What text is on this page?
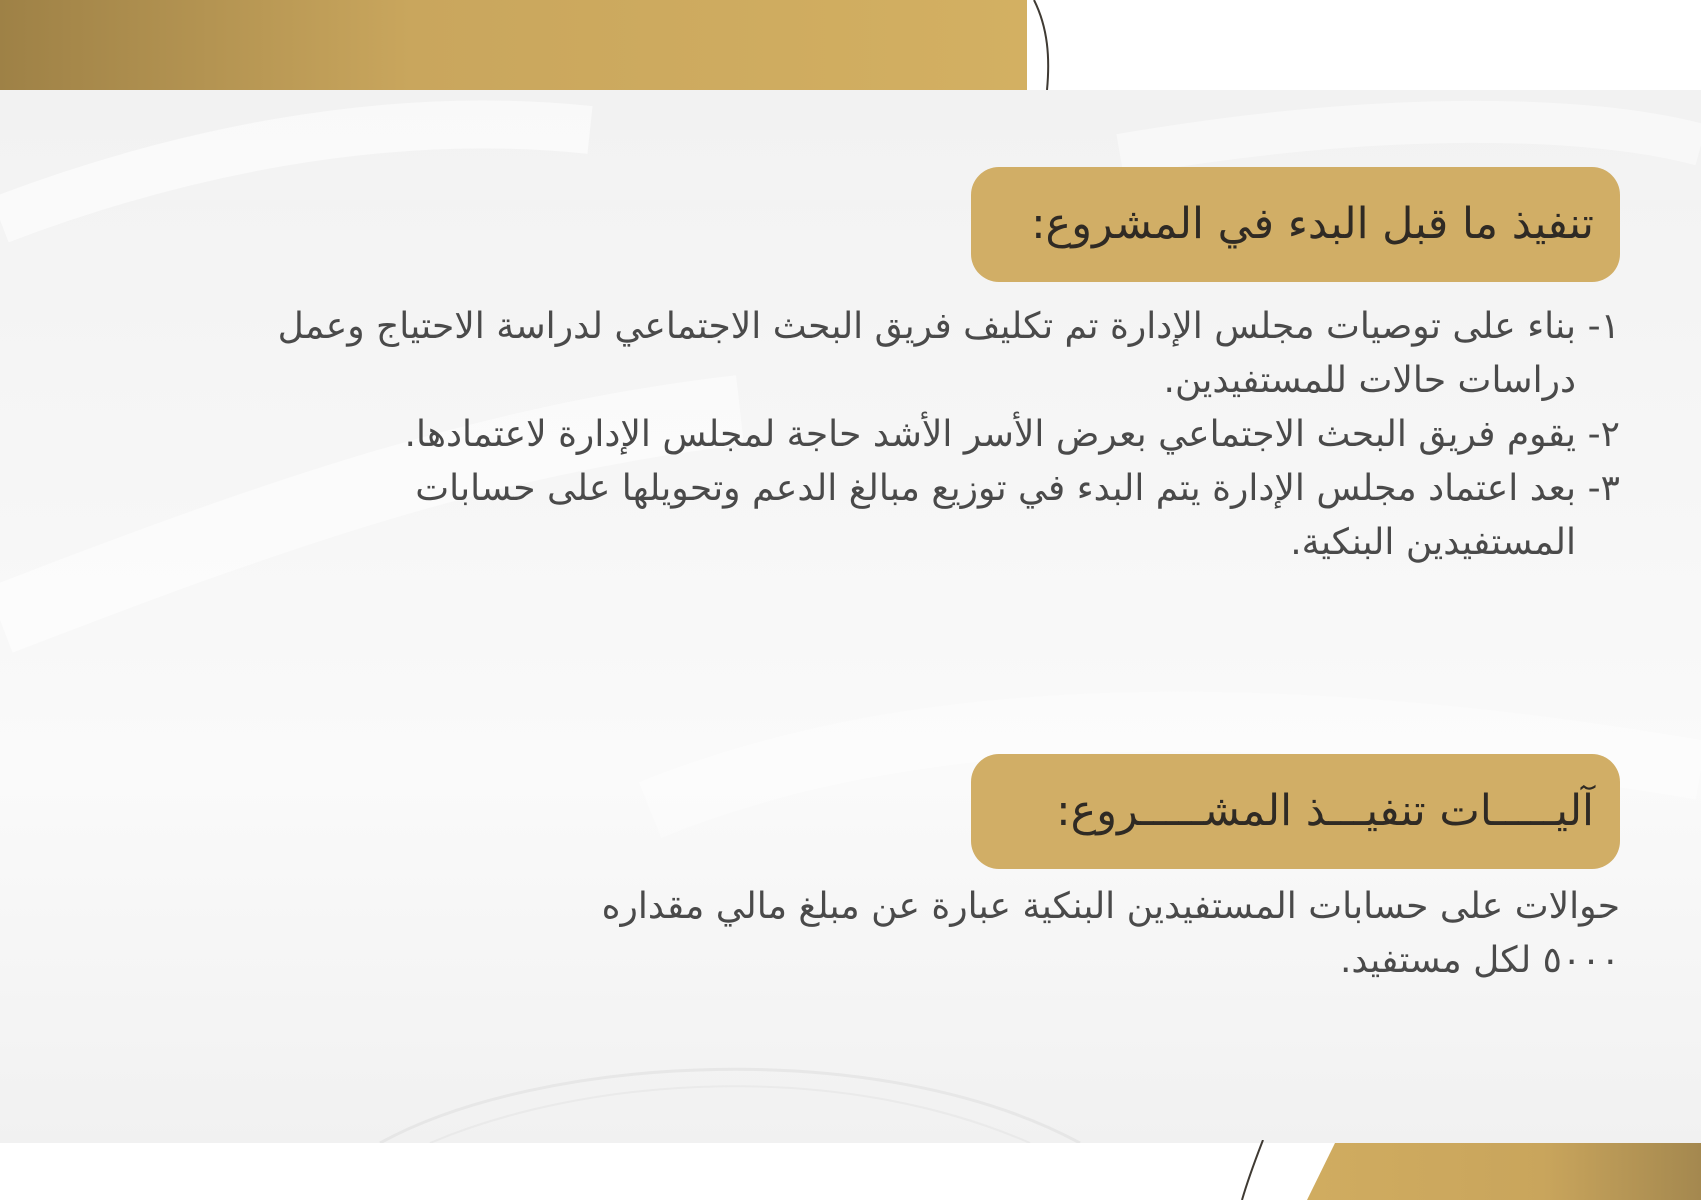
تنفيذ ما قبل البدء في المشروع:
١-
بناء على توصيات مجلس الإدارة تم تكليف فريق البحث الاجتماعي لدراسة الاحتياج وعمل دراسات حالات للمستفيدين.
٢-
يقوم فريق البحث الاجتماعي بعرض الأسر الأشد حاجة لمجلس الإدارة لاعتمادها.
٣-
بعد اعتماد مجلس الإدارة يتم البدء في توزيع مبالغ الدعم وتحويلها على حسابات المستفيدين البنكية.
آليـــــات تنفيـــذ المشـــــروع:

حوالات على حسابات المستفيدين البنكية عبارة عن مبلغ مالي مقداره ٥٠٠٠ لكل مستفيد.
